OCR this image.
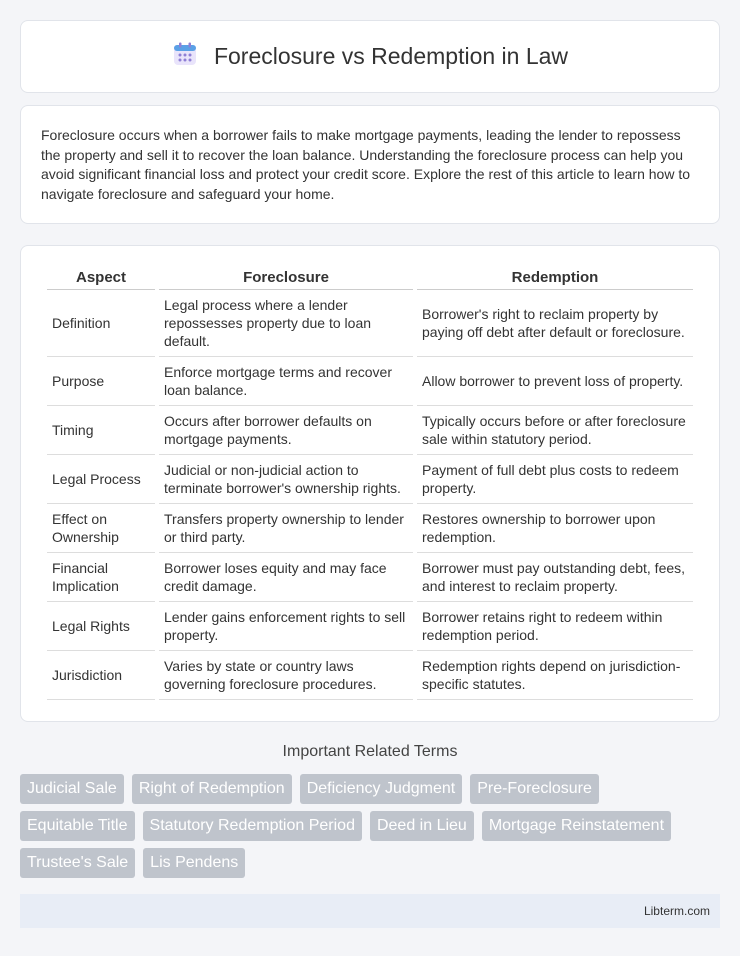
Foreclosure vs Redemption in Law
Foreclosure occurs when a borrower fails to make mortgage payments, leading the lender to repossess the property and sell it to recover the loan balance. Understanding the foreclosure process can help you avoid significant financial loss and protect your credit score. Explore the rest of this article to learn how to navigate foreclosure and safeguard your home.
Aspect	Foreclosure	Redemption
Definition	Legal process where a lender repossesses property due to loan default.	Borrower's right to reclaim property by paying off debt after default or foreclosure.
Purpose	Enforce mortgage terms and recover loan balance.	Allow borrower to prevent loss of property.
Timing	Occurs after borrower defaults on mortgage payments.	Typically occurs before or after foreclosure sale within statutory period.
Legal Process	Judicial or non-judicial action to terminate borrower's ownership rights.	Payment of full debt plus costs to redeem property.
Effect on Ownership	Transfers property ownership to lender or third party.	Restores ownership to borrower upon redemption.
Financial Implication	Borrower loses equity and may face credit damage.	Borrower must pay outstanding debt, fees, and interest to reclaim property.
Legal Rights	Lender gains enforcement rights to sell property.	Borrower retains right to redeem within redemption period.
Jurisdiction	Varies by state or country laws governing foreclosure procedures.	Redemption rights depend on jurisdiction-specific statutes.
Important Related Terms
Judicial Sale	Right of Redemption	Deficiency Judgment	Pre-Foreclosure
Equitable Title	Statutory Redemption Period	Deed in Lieu	Mortgage Reinstatement
Trustee's Sale	Lis Pendens
Libterm.com
